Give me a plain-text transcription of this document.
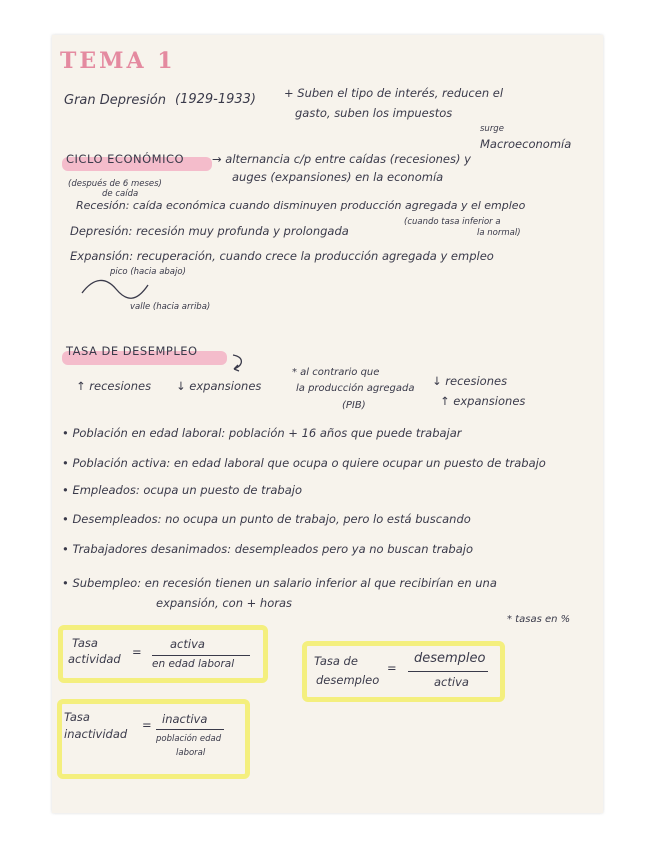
TEMA 1
Gran Depresión (1929-1933) + Suben el tipo de interés, reducen el
gasto, suben los impuestos
surge
Macroeconomía
CICLO ECONÓMICO → alternancia c/p entre caídas (recesiones) y
auges (expansiones) en la economía
(después de 6 meses)
de caída
Recesión: caída económica cuando disminuyen producción agregada y el empleo
(cuando tasa inferior a
la normal)
Depresión: recesión muy profunda y prolongada
Expansión: recuperación, cuando crece la producción agregada y empleo
pico (hacia abajo)
valle (hacia arriba)
TASA DE DESEMPLEO
↑ recesiones ↓ expansiones
* al contrario que
la producción agregada
(PIB)
↓ recesiones
↑ expansiones
• Población en edad laboral: población + 16 años que puede trabajar
• Población activa: en edad laboral que ocupa o quiere ocupar un puesto de trabajo
• Empleados: ocupa un puesto de trabajo
• Desempleados: no ocupa un punto de trabajo, pero lo está buscando
• Trabajadores desanimados: desempleados pero ya no buscan trabajo
• Subempleo: en recesión tienen un salario inferior al que recibirían en una
expansión, con + horas
* tasas en %
Tasa
actividad =
activa
en edad laboral	Tasa de
desempleo
=
desempleo
activa
Tasa
inactividad
= inactiva
población edad
laboral
